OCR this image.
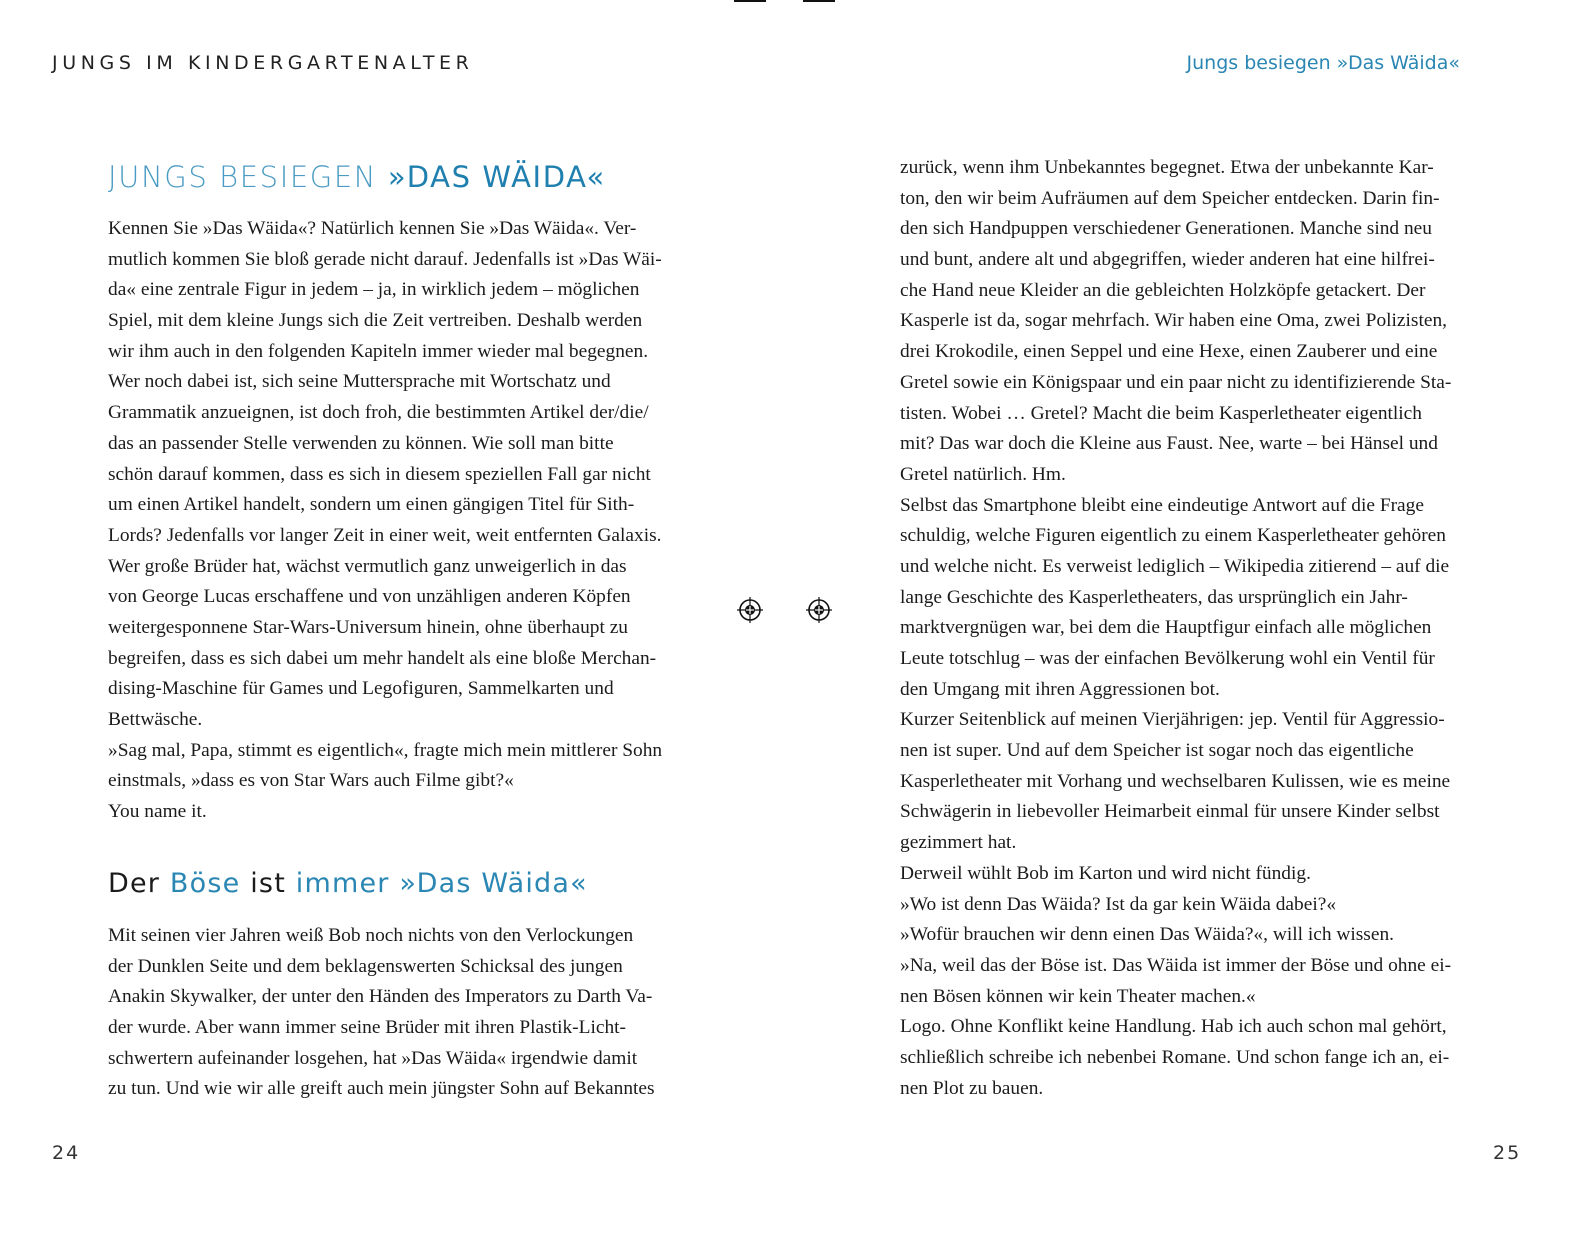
JUNGS IM KINDERGARTENALTER	Jungs besiegen »Das Wäida«
JUNGS BESIEGEN »DAS WÄIDA«
Kennen Sie »Das Wäida«? Natürlich kennen Sie »Das Wäida«. Ver-
mutlich kommen Sie bloß gerade nicht darauf. Jedenfalls ist »Das Wäi-
da« eine zentrale Figur in jedem – ja, in wirklich jedem – möglichen
Spiel, mit dem kleine Jungs sich die Zeit vertreiben. Deshalb werden
wir ihm auch in den folgenden Kapiteln immer wieder mal begegnen.
Wer noch dabei ist, sich seine Muttersprache mit Wortschatz und
Grammatik anzueignen, ist doch froh, die bestimmten Artikel der/die/
das an passender Stelle verwenden zu können. Wie soll man bitte
schön darauf kommen, dass es sich in diesem speziellen Fall gar nicht
um einen Artikel handelt, sondern um einen gängigen Titel für Sith-
Lords? Jedenfalls vor langer Zeit in einer weit, weit entfernten Galaxis.
Wer große Brüder hat, wächst vermutlich ganz unweigerlich in das
von George Lucas erschaffene und von unzähligen anderen Köpfen
weitergesponnene Star-Wars-Universum hinein, ohne überhaupt zu
begreifen, dass es sich dabei um mehr handelt als eine bloße Merchan-
dising-Maschine für Games und Legofiguren, Sammelkarten und
Bettwäsche.
»Sag mal, Papa, stimmt es eigentlich«, fragte mich mein mittlerer Sohn
einstmals, »dass es von Star Wars auch Filme gibt?«
You name it.
Der Böse ist immer »Das Wäida«
Mit seinen vier Jahren weiß Bob noch nichts von den Verlockungen
der Dunklen Seite und dem beklagenswerten Schicksal des jungen
Anakin Skywalker, der unter den Händen des Imperators zu Darth Va-
der wurde. Aber wann immer seine Brüder mit ihren Plastik-Licht-
schwertern aufeinander losgehen, hat »Das Wäida« irgendwie damit
zu tun. Und wie wir alle greift auch mein jüngster Sohn auf Bekanntes
zurück, wenn ihm Unbekanntes begegnet. Etwa der unbekannte Kar-
ton, den wir beim Aufräumen auf dem Speicher entdecken. Darin fin-
den sich Handpuppen verschiedener Generationen. Manche sind neu
und bunt, andere alt und abgegriffen, wieder anderen hat eine hilfrei-
che Hand neue Kleider an die gebleichten Holzköpfe getackert. Der
Kasperle ist da, sogar mehrfach. Wir haben eine Oma, zwei Polizisten,
drei Krokodile, einen Seppel und eine Hexe, einen Zauberer und eine
Gretel sowie ein Königspaar und ein paar nicht zu identifizierende Sta-
tisten. Wobei … Gretel? Macht die beim Kasperletheater eigentlich
mit? Das war doch die Kleine aus Faust. Nee, warte – bei Hänsel und
Gretel natürlich. Hm.
Selbst das Smartphone bleibt eine eindeutige Antwort auf die Frage
schuldig, welche Figuren eigentlich zu einem Kasperletheater gehören
und welche nicht. Es verweist lediglich – Wikipedia zitierend – auf die
lange Geschichte des Kasperletheaters, das ursprünglich ein Jahr-
marktvergnügen war, bei dem die Hauptfigur einfach alle möglichen
Leute totschlug – was der einfachen Bevölkerung wohl ein Ventil für
den Umgang mit ihren Aggressionen bot.
Kurzer Seitenblick auf meinen Vierjährigen: jep. Ventil für Aggressio-
nen ist super. Und auf dem Speicher ist sogar noch das eigentliche
Kasperletheater mit Vorhang und wechselbaren Kulissen, wie es meine
Schwägerin in liebevoller Heimarbeit einmal für unsere Kinder selbst
gezimmert hat.
Derweil wühlt Bob im Karton und wird nicht fündig.
»Wo ist denn Das Wäida? Ist da gar kein Wäida dabei?«
»Wofür brauchen wir denn einen Das Wäida?«, will ich wissen.
»Na, weil das der Böse ist. Das Wäida ist immer der Böse und ohne ei-
nen Bösen können wir kein Theater machen.«
Logo. Ohne Konflikt keine Handlung. Hab ich auch schon mal gehört,
schließlich schreibe ich nebenbei Romane. Und schon fange ich an, ei-
nen Plot zu bauen.
24	25
